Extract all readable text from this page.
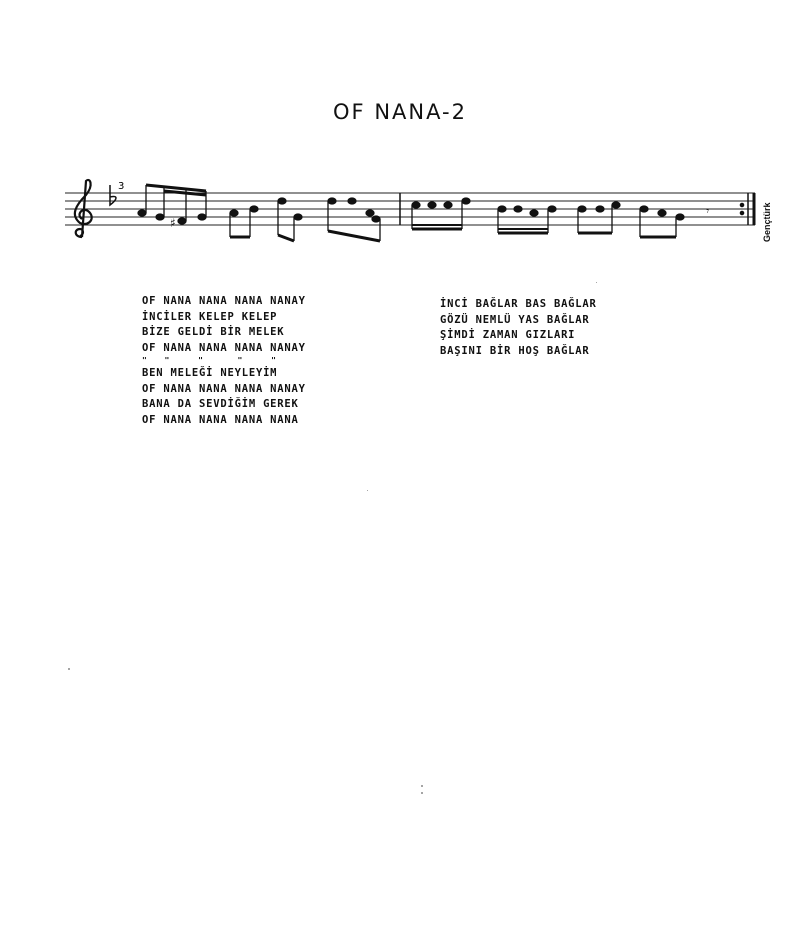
OF NANA-2
3
♯
𝄾	Gençtürk
OF NANA NANA NANA NANAY
İNCİLER KELEP KELEP
BİZE GELDİ BİR MELEK
OF NANA NANA NANA NANAY
"   "     "      "     "
BEN MELEĞİ NEYLEYİM
OF NANA NANA NANA NANAY
BANA DA SEVDİĞİM GEREK
OF NANA NANA NANA NANA
İNCİ BAĞLAR BAS BAĞLAR
GÖZÜ NEMLÜ YAS BAĞLAR
ŞİMDİ ZAMAN GIZLARI
BAŞINI BİR HOŞ BAĞLAR
